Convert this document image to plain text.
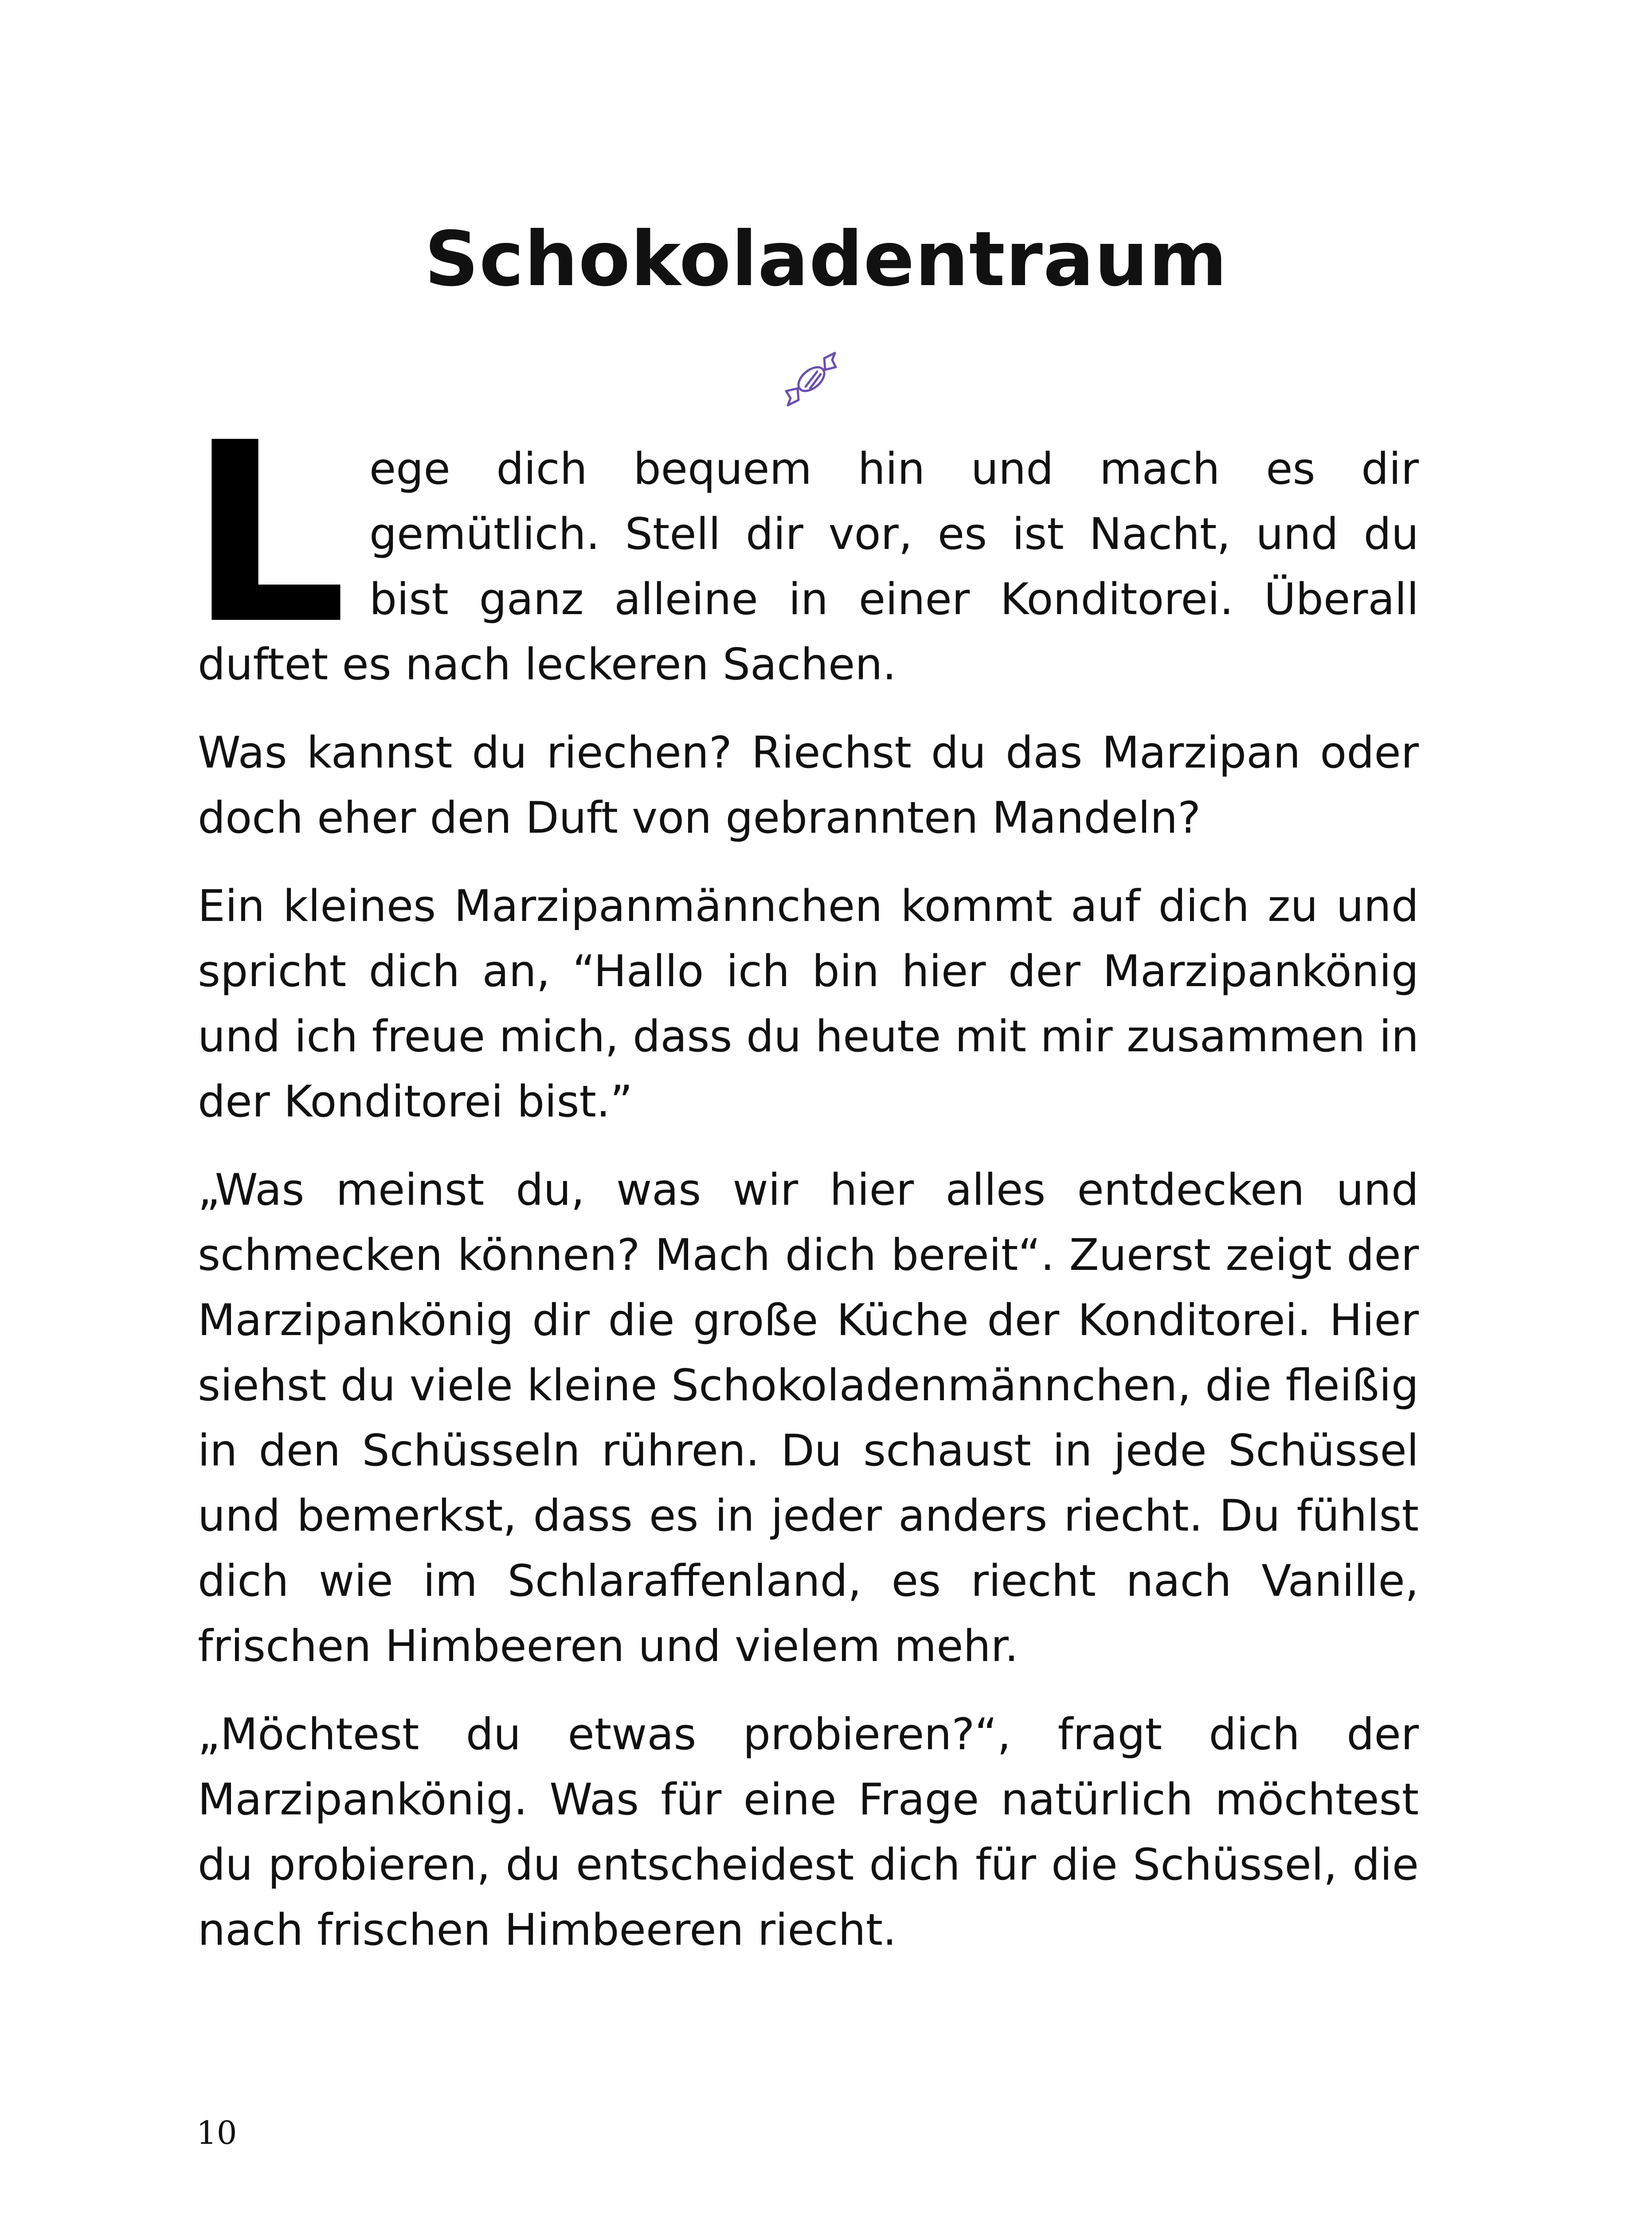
Schokoladentraum

L ege dich bequem hin und mach es dir gemütlich. Stell dir vor, es ist Nacht, und du bist ganz alleine in einer Konditorei. Überall duftet es nach leckeren Sachen.

Was kannst du riechen? Riechst du das Marzipan oder doch eher den Duft von gebrannten Mandeln?

Ein kleines Marzipanmännchen kommt auf dich zu und spricht dich an, “Hallo ich bin hier der Marzipankönig und ich freue mich, dass du heute mit mir zusammen in der Konditorei bist.”

„Was meinst du, was wir hier alles entdecken und schmecken können? Mach dich bereit“. Zuerst zeigt der Marzipankönig dir die große Küche der Konditorei. Hier siehst du viele kleine Schokoladenmännchen, die fleißig in den Schüsseln rühren. Du schaust in jede Schüssel und bemerkst, dass es in jeder anders riecht. Du fühlst dich wie im Schlaraffenland, es riecht nach Vanille, frischen Himbeeren und vielem mehr.

„Möchtest du etwas probieren?“, fragt dich der Marzipankönig. Was für eine Frage natürlich möchtest du probieren, du entscheidest dich für die Schüssel, die nach frischen Himbeeren riecht.

10
